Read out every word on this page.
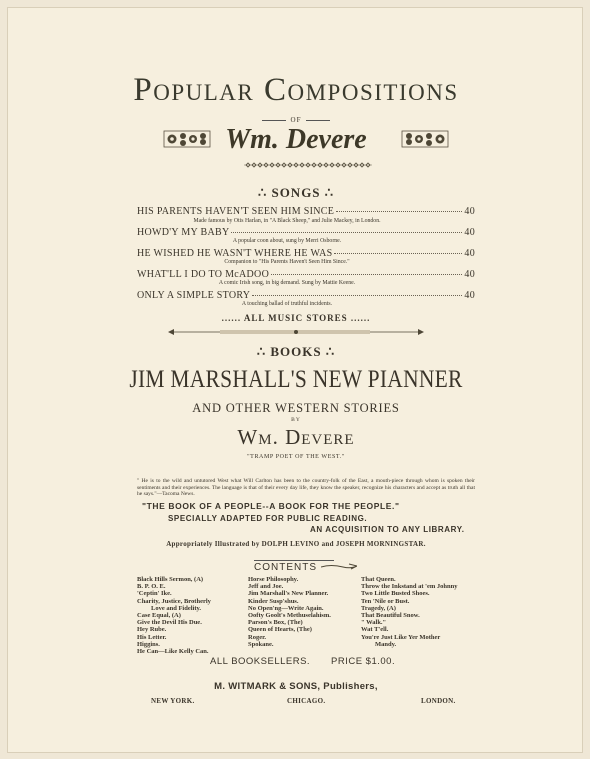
Popular Compositions
OF
Wm. Devere
∴ SONGS ∴
HIS PARENTS HAVEN'T SEEN HIM SINCE	40
Made famous by Otis Harlan, in "A Black Sheep," and Julie Mackey, in London.
HOWD'Y MY BABY	40
A popular coon about, sung by Merri Osborne.
HE WISHED HE WASN'T WHERE HE WAS	40
Companion to "His Parents Haven't Seen Him Since."
WHAT'LL I DO TO McADOO	40
A comic Irish song, in big demand. Sung by Mattie Keene.
ONLY A SIMPLE STORY	40
A touching ballad of truthful incidents.
...... ALL MUSIC STORES ......
∴ BOOKS ∴
JIM MARSHALL'S NEW PIANNER
AND OTHER WESTERN STORIES
BY
Wm. Devere
"TRAMP POET OF THE WEST."
" He is to the wild and untutored West what Will Carlton has been to the country-folk of the East, a mouth-piece through whom is spoken their sentiments and their experiences. The language is that of their every day life, they know the speaker, recognize his characters and accept as truth all that he says."—Tacoma News.
"THE BOOK OF A PEOPLE--A BOOK FOR THE PEOPLE."
SPECIALLY ADAPTED FOR PUBLIC READING.
AN ACQUISITION TO ANY LIBRARY.
Appropriately Illustrated by DOLPH LEVINO and JOSEPH MORNINGSTAR.
CONTENTS
Black Hills Sermon, (A)
B. P. O. E.
'Ceptin' Ike.
Charity, Justice, Brotherly
Love and Fidelity.
Case Equal, (A)
Give the Devil His Due.
Hey Rube.
His Letter.
Higgins.
He Can—Like Kelly Can.
Horse Philosophy.
Jeff and Joe.
Jim Marshall's New Planner.
Kinder Susp'shus.
No Open'ng—Write Again.
Oofty Goolt's Methuselahism.
Parson's Box, (The)
Queen of Hearts, (The)
Roger.
Spokane.
That Queen.
Throw the Inkstand at 'em Johnny
Two Little Busted Shoes.
Ten 'Nile or Bust.
Tragedy, (A)
That Beautiful Snow.
" Walk."
Wat T'ell.
You're Just Like Yer Mother
Mandy.
ALL BOOKSELLERS. PRICE $1.00.
M. WITMARK & SONS, Publishers,
NEW YORK.	CHICAGO.	LONDON.
